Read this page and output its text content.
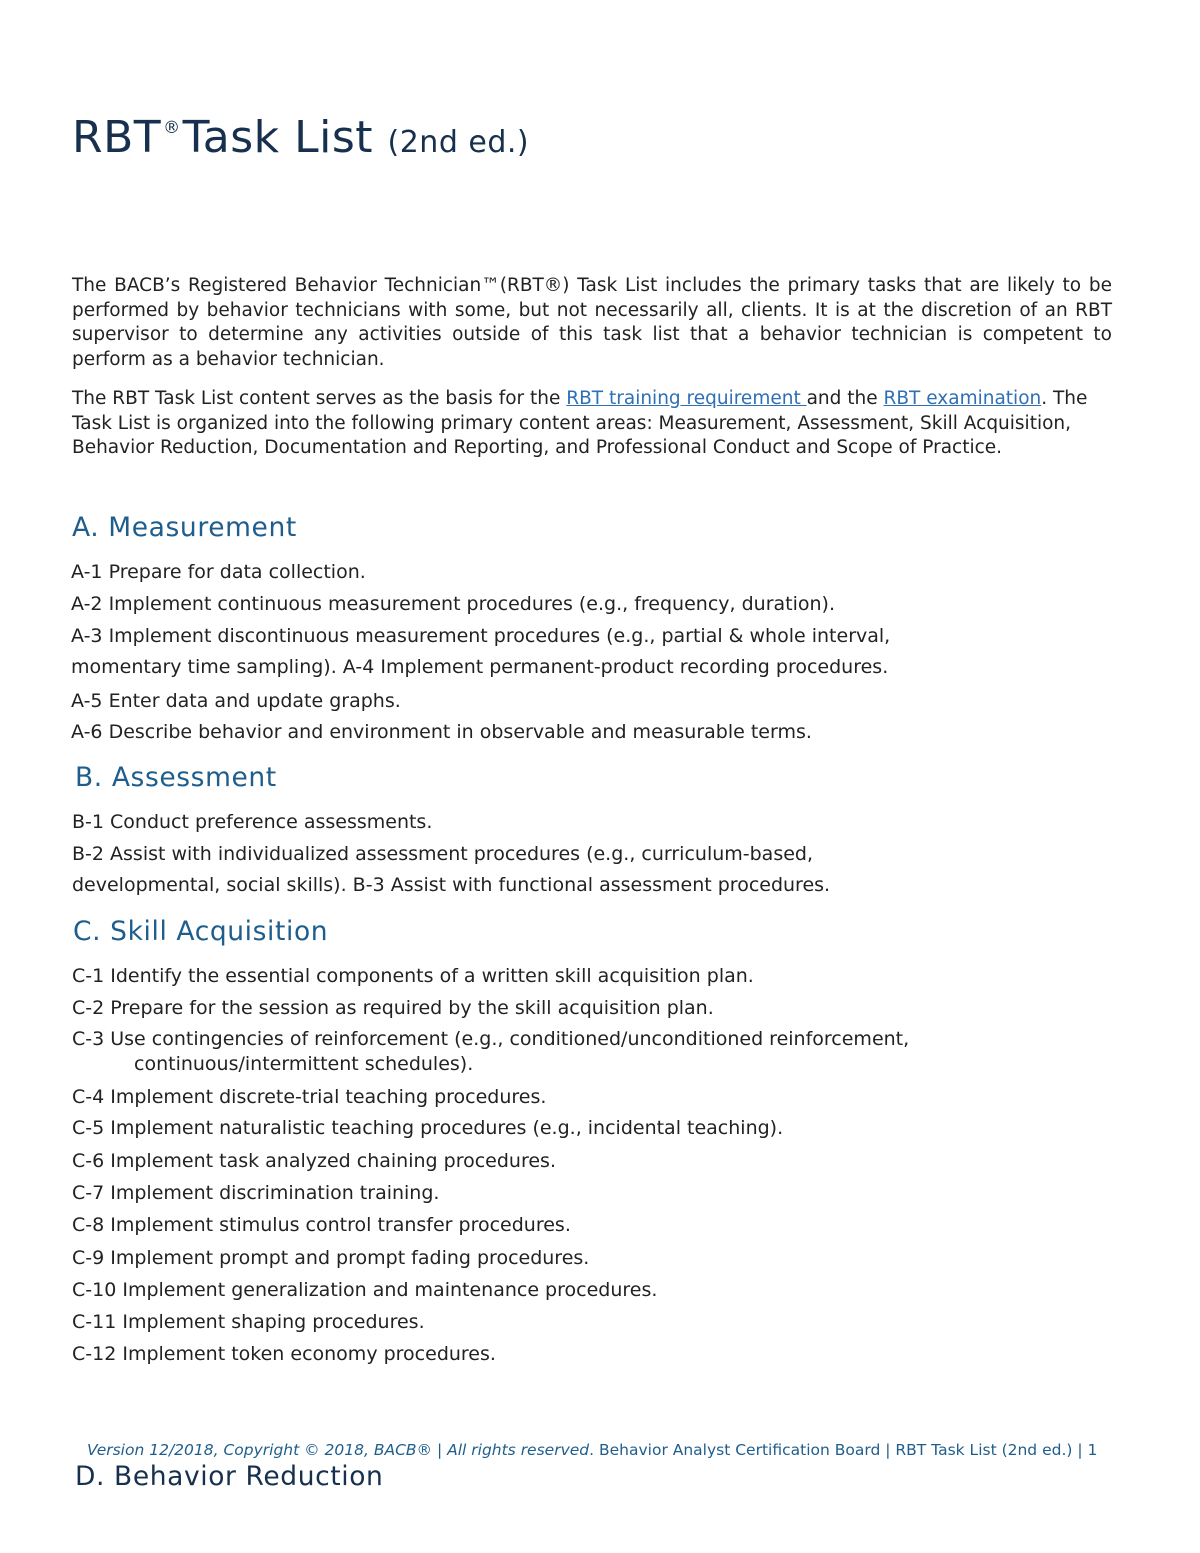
RBT ®Task List (2nd ed.)

The BACB’s Registered Behavior Technician™(RBT®) Task List includes the primary tasks that are likely to be performed by behavior technicians with some, but not necessarily all, clients. It is at the discretion of an RBT supervisor to determine any activities outside of this task list that a behavior technician is competent to perform as a behavior technician.

The RBT Task List content serves as the basis for the RBT training requirement and the RBT examination. The Task List is organized into the following primary content areas: Measurement, Assessment, Skill Acquisition, Behavior Reduction, Documentation and Reporting, and Professional Conduct and Scope of Practice.

A. Measurement

A-1 Prepare for data collection.

A-2 Implement continuous measurement procedures (e.g., frequency, duration).

A-3 Implement discontinuous measurement procedures (e.g., partial & whole interval,

momentary time sampling). A-4 Implement permanent-product recording procedures.

A-5 Enter data and update graphs.

A-6 Describe behavior and environment in observable and measurable terms.

B. Assessment

B-1 Conduct preference assessments.

B-2 Assist with individualized assessment procedures (e.g., curriculum-based,

developmental, social skills). B-3 Assist with functional assessment procedures.

C. Skill Acquisition

C-1 Identify the essential components of a written skill acquisition plan.

C-2 Prepare for the session as required by the skill acquisition plan.

C-3 Use contingencies of reinforcement (e.g., conditioned/unconditioned reinforcement,

continuous/intermittent schedules).

C-4 Implement discrete-trial teaching procedures.

C-5 Implement naturalistic teaching procedures (e.g., incidental teaching).

C-6 Implement task analyzed chaining procedures.

C-7 Implement discrimination training.

C-8 Implement stimulus control transfer procedures.

C-9 Implement prompt and prompt fading procedures.

C-10 Implement generalization and maintenance procedures.

C-11 Implement shaping procedures.

C-12 Implement token economy procedures.

Version 12/2018, Copyright © 2018, BACB® | All rights reserved. Behavior Analyst Certification Board | RBT Task List (2nd ed.) | 1

D. Behavior Reduction
